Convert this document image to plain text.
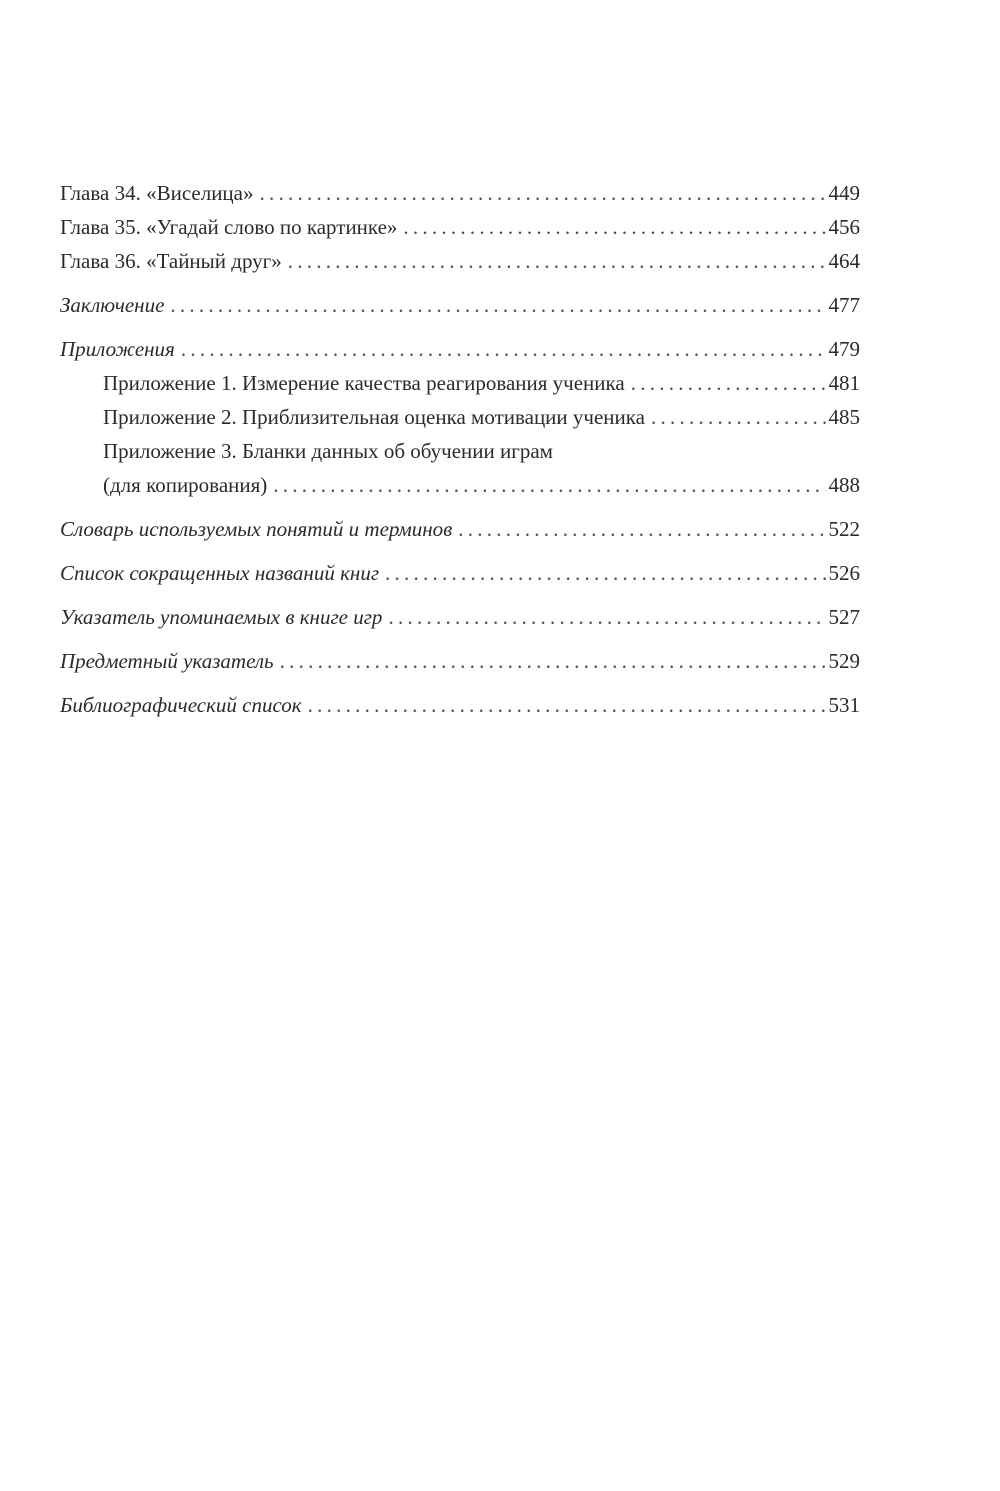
Глава 34. «Виселица» . . .	449
Глава 35. «Угадай слово по картинке» . . .	456
Глава 36. «Тайный друг» . . .	464
Заключение . . .	477
Приложения . . .	479
Приложение 1. Измерение качества реагирования ученика . . .	481
Приложение 2. Приблизительная оценка мотивации ученика . . .	485
Приложение 3. Бланки данных об обучении играм
(для копирования) . . .	488
Словарь используемых понятий и терминов . . .	522
Список сокращенных названий книг . . .	526
Указатель упоминаемых в книге игр . . .	527
Предметный указатель . . .	529
Библиографический список . . .	531
